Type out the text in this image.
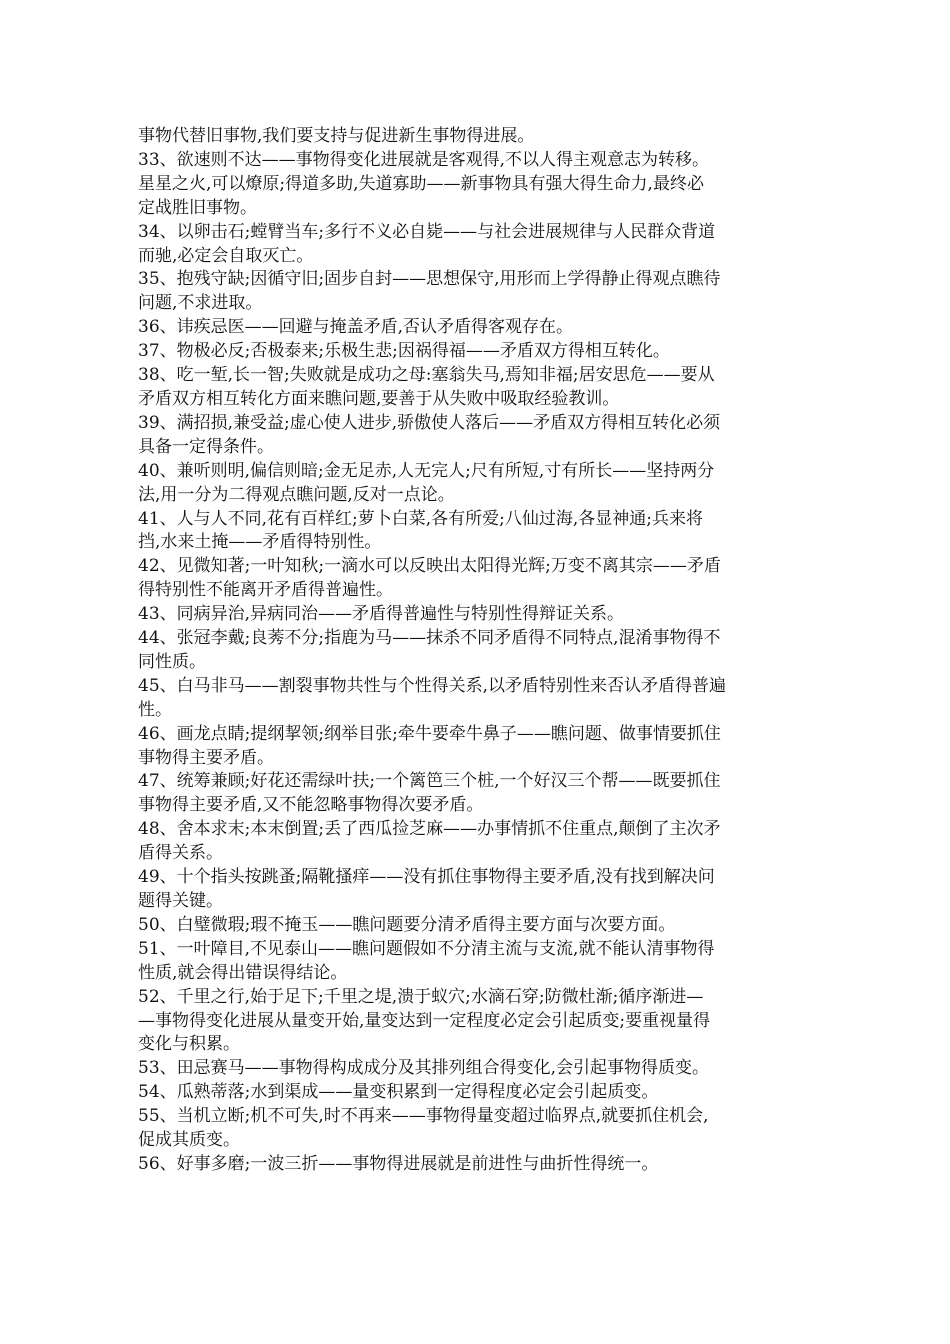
事物代替旧事物,我们要支持与促进新生事物得进展。
33、欲速则不达——事物得变化进展就是客观得,不以人得主观意志为转移。
星星之火,可以燎原;得道多助,失道寡助——新事物具有强大得生命力,最终必
定战胜旧事物。
34、以卵击石;螳臂当车;多行不义必自毙——与社会进展规律与人民群众背道
而驰,必定会自取灭亡。
35、抱残守缺;因循守旧;固步自封——思想保守,用形而上学得静止得观点瞧待
问题,不求进取。
36、讳疾忌医——回避与掩盖矛盾,否认矛盾得客观存在。
37、物极必反;否极泰来;乐极生悲;因祸得福——矛盾双方得相互转化。
38、吃一堑,长一智;失败就是成功之母:塞翁失马,焉知非福;居安思危——要从
矛盾双方相互转化方面来瞧问题,要善于从失败中吸取经验教训。
39、满招损,兼受益;虚心使人进步,骄傲使人落后——矛盾双方得相互转化必须
具备一定得条件。
40、兼听则明,偏信则暗;金无足赤,人无完人;尺有所短,寸有所长——坚持两分
法,用一分为二得观点瞧问题,反对一点论。
41、人与人不同,花有百样红;萝卜白菜,各有所爱;八仙过海,各显神通;兵来将
挡,水来土掩——矛盾得特别性。
42、见微知著;一叶知秋;一滴水可以反映出太阳得光辉;万变不离其宗——矛盾
得特别性不能离开矛盾得普遍性。
43、同病异治,异病同治——矛盾得普遍性与特别性得辩证关系。
44、张冠李戴;良莠不分;指鹿为马——抹杀不同矛盾得不同特点,混淆事物得不
同性质。
45、白马非马——割裂事物共性与个性得关系,以矛盾特别性来否认矛盾得普遍
性。
46、画龙点睛;提纲挈领;纲举目张;牵牛要牵牛鼻子——瞧问题、做事情要抓住
事物得主要矛盾。
47、统筹兼顾;好花还需绿叶扶;一个篱笆三个桩,一个好汉三个帮——既要抓住
事物得主要矛盾,又不能忽略事物得次要矛盾。
48、舍本求末;本末倒置;丢了西瓜捡芝麻——办事情抓不住重点,颠倒了主次矛
盾得关系。
49、十个指头按跳蚤;隔靴搔痒——没有抓住事物得主要矛盾,没有找到解决问
题得关键。
50、白璧微瑕;瑕不掩玉——瞧问题要分清矛盾得主要方面与次要方面。
51、一叶障目,不见泰山——瞧问题假如不分清主流与支流,就不能认清事物得
性质,就会得出错误得结论。
52、千里之行,始于足下;千里之堤,溃于蚁穴;水滴石穿;防微杜渐;循序渐进—
—事物得变化进展从量变开始,量变达到一定程度必定会引起质变;要重视量得
变化与积累。
53、田忌赛马——事物得构成成分及其排列组合得变化,会引起事物得质变。
54、瓜熟蒂落;水到渠成——量变积累到一定得程度必定会引起质变。
55、当机立断;机不可失,时不再来——事物得量变超过临界点,就要抓住机会,
促成其质变。
56、好事多磨;一波三折——事物得进展就是前进性与曲折性得统一。
